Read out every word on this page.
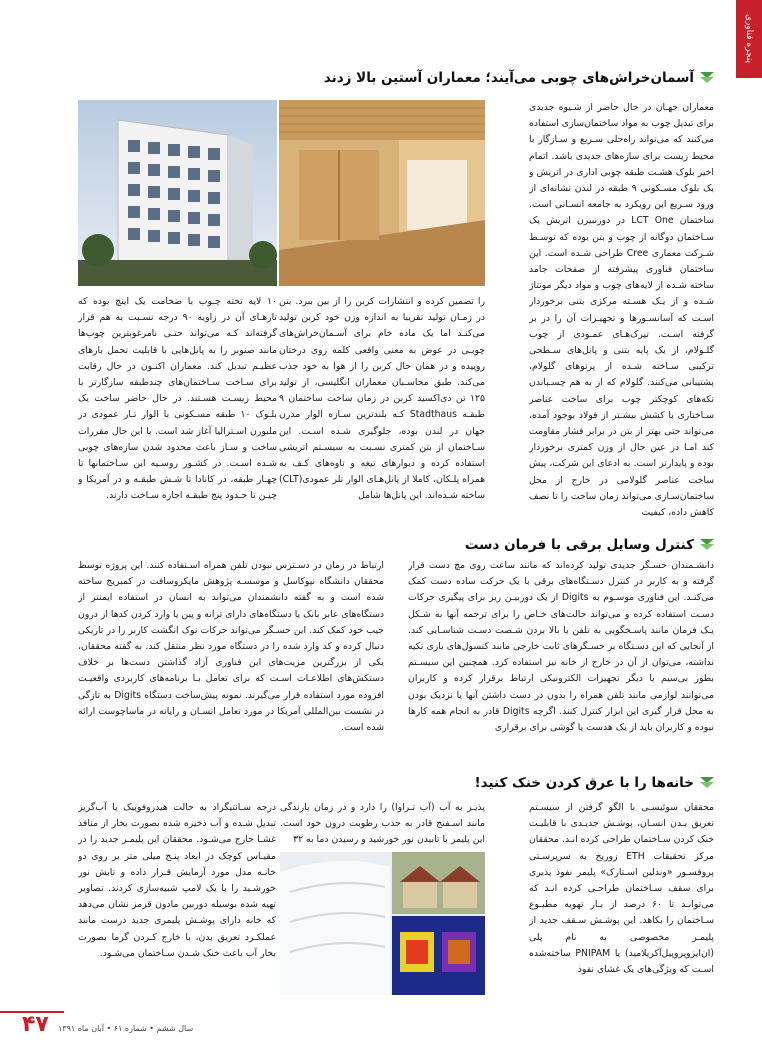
پنجره فناوری
آسمان‌خراش‌های چوبی می‌آیند؛ معماران آستین بالا زدند
معماران جهـان در حال حاضر از شـیوه جدیدی برای تبدیل چوب به مواد ساختمان‌سازی استفاده می‌کنند که می‌تواند راه‌حلی سـریع و سـازگار با محیط زیست برای سازه‌های جدیدی باشد. اتمام اخیر بلوک هشـت طبقه چوبی اداری در اتریش و یک بلوک مسـکونی ۹ طبقه در لندن نشانه‌ای از ورود سـریع این رویکرد به جامعه انسـانی است. ساختمان LCT One در دورنبیرن اتریش یک سـاختمان دوگانه از چوب و بتن بوده که توسـط شـرکت معماری Cree طراحی شـده است. این ساختمان فناوری پیشرفته از صفحات جامد ساخته شـده از لایه‌های چوب و مواد دیگر مونتاژ شـده و از یـک هسـته مرکزی بتنی برخوردار اسـت که آسانسـورها و تجهیـزات آن را در بر گرفته اسـت. تیرک‌هـای عمـودی از چوب گلـولام، از یک پایه بتنی و پانل‌های سـطحی ترکیبی سـاخته شـده از پرتوهای گلولام، پشتیبانی می‌کنند. گلولام که از به هم چسـباندن تکه‌های کوچکتر چوب برای ساخت عناصر سـاختاری با کشش بیشـتر از فولاد بوجود آمده، می‌تواند حتی بهتر از بتن در برابر فشار مقاومت کند امـا در عین حال از وزن کمتری برخوردار بوده و پایدارتر است. به ادعای این شرکت، پیش ساخت عناصر گلولامی در خارج از محل ساختمان‌سـازی می‌تواند زمان ساخت را تا نصف کاهش داده، کیفیت
را تضمین کرده و انتشارات کربن را از بین ببرد. بتن در زمـان تولید تقریبا به اندازه وزن خود کربن تولید می‌کنـد اما یک ماده خام برای آسـمان‌خراش‌های چوبـی در عوض به معنی واقعی کلمه روی درختان روییده و در همان حال کربن را از هوا به خود جذب می‌کند. طبق محاسـبان معماران انگلیسی، از تولید ۱۲۵ تن دی‌اکسید کربن در زمان ساخت ساختمان ۹ طبقـه Stadthaus کـه بلندترین سـازه الوار مدرن جهان در لندن بوده، جلوگیری شـده اسـت. این سـاختمان از بتن کمتری نسـبت به سیسـتم اتریشی استفاده کرده و دیوارهای تیغه و تاوه‌های کـف به همراه پلـکان، کاملا از پانل‌هـای الوار تلر عمودی(CLT) ساخته شـده‌اند. این پانل‌ها شامل
۱۰ لایه تخته چـوب با ضخامت یک اینچ بوده که تارهـای آن در زاویه ۹۰ درجه نسـبت به هم قرار گرفته‌اند کـه می‌تواند حتـی نامرغوبترین چوب‌ها مانند صنوبر را به پانل‌هایی با قابلیت تحمل بارهای عظیـم تبدیل کند. معماران اکنـون در حال رقابت برای سـاخت سـاختمان‌های چندطبقه سازگارتر با محیط زیسـت هسـتند. در حال حاضر ساخت یک بلـوک ۱۰ طبقه مسـکونی با الوار تـار عمودی در ملبورن اسـترالیا آغاز شد است. با این حال مقررات ساخت و سـاز باعث محدود شدن سازه‌های چوبی شـده اسـت. در کشـور روسـیه این سـاختمانها تا چهـار طبقه، در کانادا تا شـش طبقـه و در آمریکا و چیـن تا حـدود پنج طبقـه اجازه سـاخت دارند.
کنترل وسایل برقی با فرمان دست
دانشـمندان حسـگر جدیدی تولید کرده‌اند که مانند ساعت روی مچ دست قرار گرفته و به کاربر در کنترل دسـتگاه‌های برقی با یک حرکت ساده دست کمک می‌کنـد. این فناوری موسـوم به Digits از یک دوربیـن ریز برای پیگیری حرکات دسـت استفاده کرده و می‌تواند حالت‌های خـاص را برای ترجمه آنها به شـکل یـک فرمان مانند پاسـخگویی به تلفن با بالا بردن شـصت دسـت شناسـایی کند. از آنجایی که این دسـتگاه بر حسـگرهای ثابت خارجی مانند کنسول‌های بازی تکیه نداشته، می‌توان از آن در خارج از خانه نیز استفاده کرد. همچنین این سیسـتم بطور بی‌سیم با دیگر تجهیزات الکترونیکی ارتباط برقرار کرده و کاربران می‌توانند لوازمی مانند تلفن همراه را بدون در دست داشتن آنها یا نزدیک بودن به محل قرار گیری این ابزار کنترل کنند. اگرچه Digits قادر به انجام همه کارها نبوده و کاربران باید از یک هدست یا گوشی برای برقراری
ارتباط در زمان در دسـترس نبودن تلفن همراه اسـتفاده کنند. این پروژه توسط محققان دانشگاه نیوکاسل و موسسـه پژوهش مایکروسافت در کمبریج ساخته شده است و به گفته دانشمندان می‌تواند به انسان در استفاده ایمنتر از دستگاه‌های عابر بانک یا دستگاه‌های دارای ترانه و پین یا وارد کردن کدها از درون جیب خود کمک کند. این حسـگر می‌تواند حرکات نوک انگشت کاربر را در تاریکی دنبال کرده و کد وارد شده را در دستگاه مورد نظر منتقل کند. به گفته محققان، یکی از بزرگترین مزیت‌های این فناوری آزاد گذاشتن دست‌ها بر خلاف دستکش‌های اطلاعـات اسـت که برای تعامل بـا برنامه‌های کاربردی واقعیـت افزوده مورد استفاده قرار می‌گیرند. نمونه پیش‌ساخت دستگاه Digits به تازگی در نشست بین‌المللی آمریکا در مورد تعامل انسـان و رایانه در ماساچوست ارائه شده است.
خانه‌ها را با عرق کردن خنک کنید!
محققان سوئیسـی با الگو گرفتن از سیسـتم تعریق بـدن انسـان، پوشـش جدیـدی با قابلیـت خنک کردن سـاختمان طراحی کرده انـد. محققان مرکز تحقیقات ETH زوریخ به سرپرسـتی پروفسـور «وندلین اسـتارک» پلیمر نفوذ پذیری برای سقف سـاختمان طراحـی کرده انـد که می‌توانـد تا ۶۰ درصد از بـار تهویه مطبـوع سـاختمان را بکاهد. این پوشـش سـقف جدید از پلیمـر مخصوصی به نام پلی (ان‌ایزوپروپیل‌آکریلامید) یا PNIPAM ساخته‌شده اسـت که ویژگی‌های یک غشای نفوذ
پذیـر به آب (آب تـراوا) را دارد و در زمان بارندگی مانند اسـفنج قادر به جذب رطوبت درون خود است. این پلیمر با تابیدن نور خورشید و رسیدن دما به ۳۲
درجه سـانتیگراد به حالت هیدروفوبیک یا آب‌گریز تبدیل شـده و آب ذخیره شده بصورت بخار از منافذ غشـا خارج می‌شـود. محققان این پلیمـر جدید را در مقیـاس کوچک در ابعاد پنـج میلی متر بر روی دو خانـه مدل مورد آزمایش قـرار داده و تابش نور خورشـید را با یک لامپ شبیه‌سازی کردند. تصاویر تهیه شده بوسیله دوربین مادون قرمز نشان می‌دهد که خانه دارای پوشـش پلیمری جدید درست مانند عملکـرد تعریق بدن، با خارج کـردن گرما بصورت بخار آب باعث خنک شـدن سـاختمان می‌شـود.
۴۷ سال ششم • شماره ۶۱ • آبان ماه ۱۳۹۱
